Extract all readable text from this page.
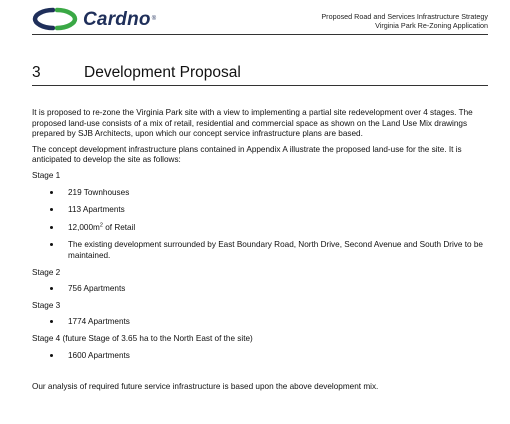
Cardno ®	Proposed Road and Services Infrastructure Strategy
Virginia Park Re-Zoning Application
3	Development Proposal

It is proposed to re-zone the Virginia Park site with a view to implementing a partial site redevelopment over 4 stages. The proposed land-use consists of a mix of retail, residential and commercial space as shown on the Land Use Mix drawings prepared by SJB Architects, upon which our concept service infrastructure plans are based.

The concept development infrastructure plans contained in Appendix A illustrate the proposed land-use for the site. It is anticipated to develop the site as follows:

Stage 1
• 219 Townhouses
• 113 Apartments
• $12,000m^2$ of Retail
• The existing development surrounded by East Boundary Road, North Drive, Second Avenue and South Drive to be maintained.
Stage 2
• 756 Apartments
Stage 3
• 1774 Apartments
Stage 4 (future Stage of 3.65 ha to the North East of the site)
• 1600 Apartments

Our analysis of required future service infrastructure is based upon the above development mix.
